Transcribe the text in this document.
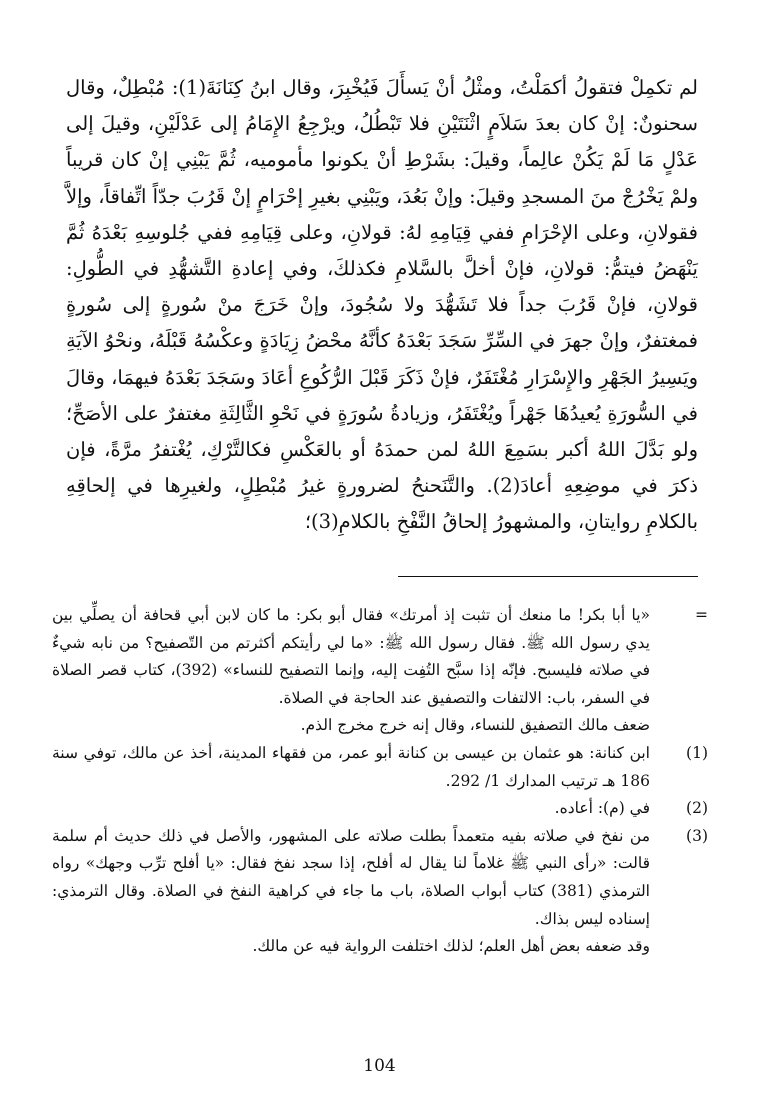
لم تكمِلْ فتقولُ أكمَلْتُ، ومثْلُ أنْ يَسأَلَ فَيُخْبِرَ، وقال ابنُ كِنَانَةَ(1): مُبْطِلٌ، وقال سحنونٌ: إنْ كان بعدَ سَلاَمٍ اثْنَتَيْنِ فلا تَبْطُلُ، ويرْجِعُ الإِمَامُ إلى عَدْلَيْنِ، وقيلَ إلى عَدْلٍ مَا لَمْ يَكُنْ عالِماً، وقيلَ: بشَرْطِ أنْ يكونوا مأموميه، ثُمَّ يَبْنِي إنْ كان قريباً ولمْ يَخْرُجْ منَ المسجدِ وقيلَ: وإنْ بَعُدَ، ويَبْنِي بغيرِ إحْرَامٍ إنْ قَرُبَ جدّاً اتِّفاقاً، وإلاَّ فقولانِ، وعلى الإحْرَامِ ففي قِيَامِهِ لهُ: قولانِ، وعلى قِيَامِهِ ففي جُلوسِهِ بَعْدَهُ ثُمَّ يَنْهَضُ فيتمُّ: قولانِ، فإنْ أخلَّ بالسَّلامِ فكذلكَ، وفي إعادةِ التَّشهُّدِ في الطُّولِ: قولانِ، فإنْ قَرُبَ جداً فلا تَشَهُّدَ ولا سُجُودَ، وإنْ خَرَجَ منْ سُورةٍ إلى سُورةٍ فمغتفرٌ، وإنْ جهرَ في السِّرِّ سَجَدَ بَعْدَهُ كأنَّهُ محْضُ زِيَادَةٍ وعكْسُهُ قَبْلَهُ، ونحْوُ الآيَةِ ويَسِيرُ الجَهْرِ والإِسْرَارِ مُغْتَفَرٌ، فإنْ ذَكَرَ قَبْلَ الرُّكُوعِ أعَادَ وسَجَدَ بَعْدَهُ فيهمَا، وقالَ في السُّورَةِ يُعيدُهَا جَهْراً ويُغْتَفَرُ، وزيادةُ سُورَةٍ في نَحْوِ الثَّالِثَةِ مغتفرٌ على الأصَحِّ؛ ولو بَدَّلَ اللهُ أكبر بسَمِعَ اللهُ لمن حمدَهُ أو بالعَكْسِ فكالتَّرْكِ، يُغْتفرُ مرَّةً، فإن ذكرَ في موضِعِهِ أعادَ(2). والتَّنَحنحُ لضرورةٍ غيرُ مُبْطِلٍ، ولغيرِها في إلحاقِهِ بالكلامِ روايتانِ، والمشهورُ إلحاقُ النَّفْخِ بالكلامِ(3)؛

=
«يا أبا بكر! ما منعك أن تثبت إذ أمرتك» فقال أبو بكر: ما كان لابن أبي قحافة أن يصلِّي بين يدي رسول الله ﷺ. فقال رسول الله ﷺ: «ما لي رأيتكم أكثرتم من التّصفيح؟ من نابه شيءٌ في صلاته فليسبح. فإنّه إذا سبَّح التُفِت إليه، وإنما التصفيح للنساء» (392)، كتاب قصر الصلاة في السفر، باب: الالتفات والتصفيق عند الحاجة في الصلاة.

ضعف مالك التصفيق للنساء، وقال إنه خرج مخرج الذم.

(1)
ابن كنانة: هو عثمان بن عيسى بن كنانة أبو عمر، من فقهاء المدينة، أخذ عن مالك، توفي سنة 186 هـ ترتيب المدارك 1/ 292.

(2)
في (م): أعاده.

(3)
من نفخ في صلاته بفيه متعمداً بطلت صلاته على المشهور، والأصل في ذلك حديث أم سلمة قالت: «رأى النبي ﷺ غلاماً لنا يقال له أفلح، إذا سجد نفخ فقال: «يا أفلح ترِّب وجهك» رواه الترمذي (381) كتاب أبواب الصلاة، باب ما جاء في كراهية النفخ في الصلاة. وقال الترمذي: إسناده ليس بذاك.

وقد ضعفه بعض أهل العلم؛ لذلك اختلفت الرواية فيه عن مالك.

104
